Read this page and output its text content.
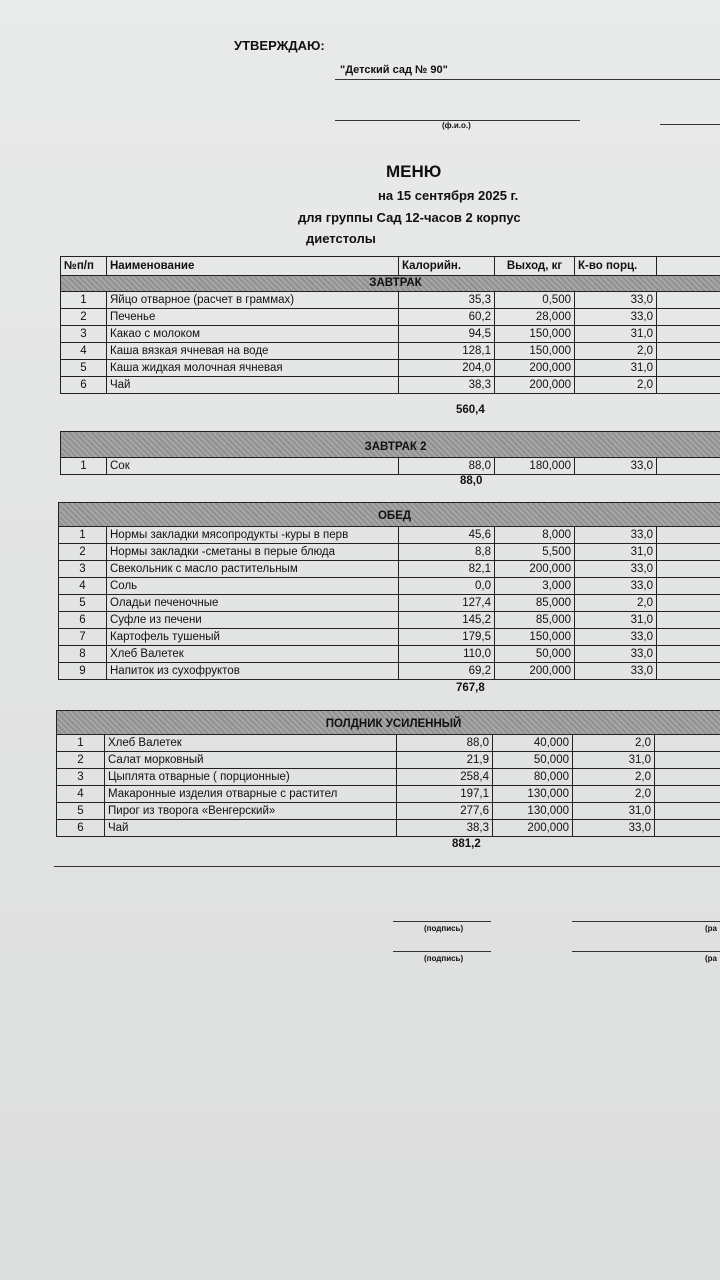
УТВЕРЖДАЮ:
"Детский сад № 90"
(ф.и.о.)
МЕНЮ
на 15 сентября 2025 г.
для группы Сад 12-часов 2 корпус
диетстолы
№п/п	Наименование	Калорийн.	Выход, кг	К-во порц.	
ЗАВТРАК					
1	Яйцо отварное (расчет в граммах)	35,3	0,500	33,0	
2	Печенье	60,2	28,000	33,0	
3	Какао с молоком	94,5	150,000	31,0	
4	Каша вязкая ячневая на воде	128,1	150,000	2,0	
5	Каша жидкая молочная ячневая	204,0	200,000	31,0	
6	Чай	38,3	200,000	2,0	
560,4
ЗАВТРАК 2
1	Сок	88,0	180,000	33,0	
88,0
ОБЕД					
1	Нормы закладки мясопродукты -куры в перв	45,6	8,000	33,0	
2	Нормы закладки -сметаны в перые блюда	8,8	5,500	31,0	
3	Свекольник с масло растительным	82,1	200,000	33,0	
4	Соль	0,0	3,000	33,0	
5	Оладьи печеночные	127,4	85,000	2,0	
6	Суфле из печени	145,2	85,000	31,0	
7	Картофель тушеный	179,5	150,000	33,0	
8	Хлеб Валетек	110,0	50,000	33,0	
9	Напиток из сухофруктов	69,2	200,000	33,0	
767,8
ПОЛДНИК УСИЛЕННЫЙ					
1	Хлеб Валетек	88,0	40,000	2,0	
2	Салат морковный	21,9	50,000	31,0	
3	Цыплята отварные ( порционные)	258,4	80,000	2,0	
4	Макаронные изделия отварные с растител	197,1	130,000	2,0	
5	Пирог из творога «Венгерский»	277,6	130,000	31,0	
6	Чай	38,3	200,000	33,0	
881,2
(подпись)	(ра
(подпись)	(ра
